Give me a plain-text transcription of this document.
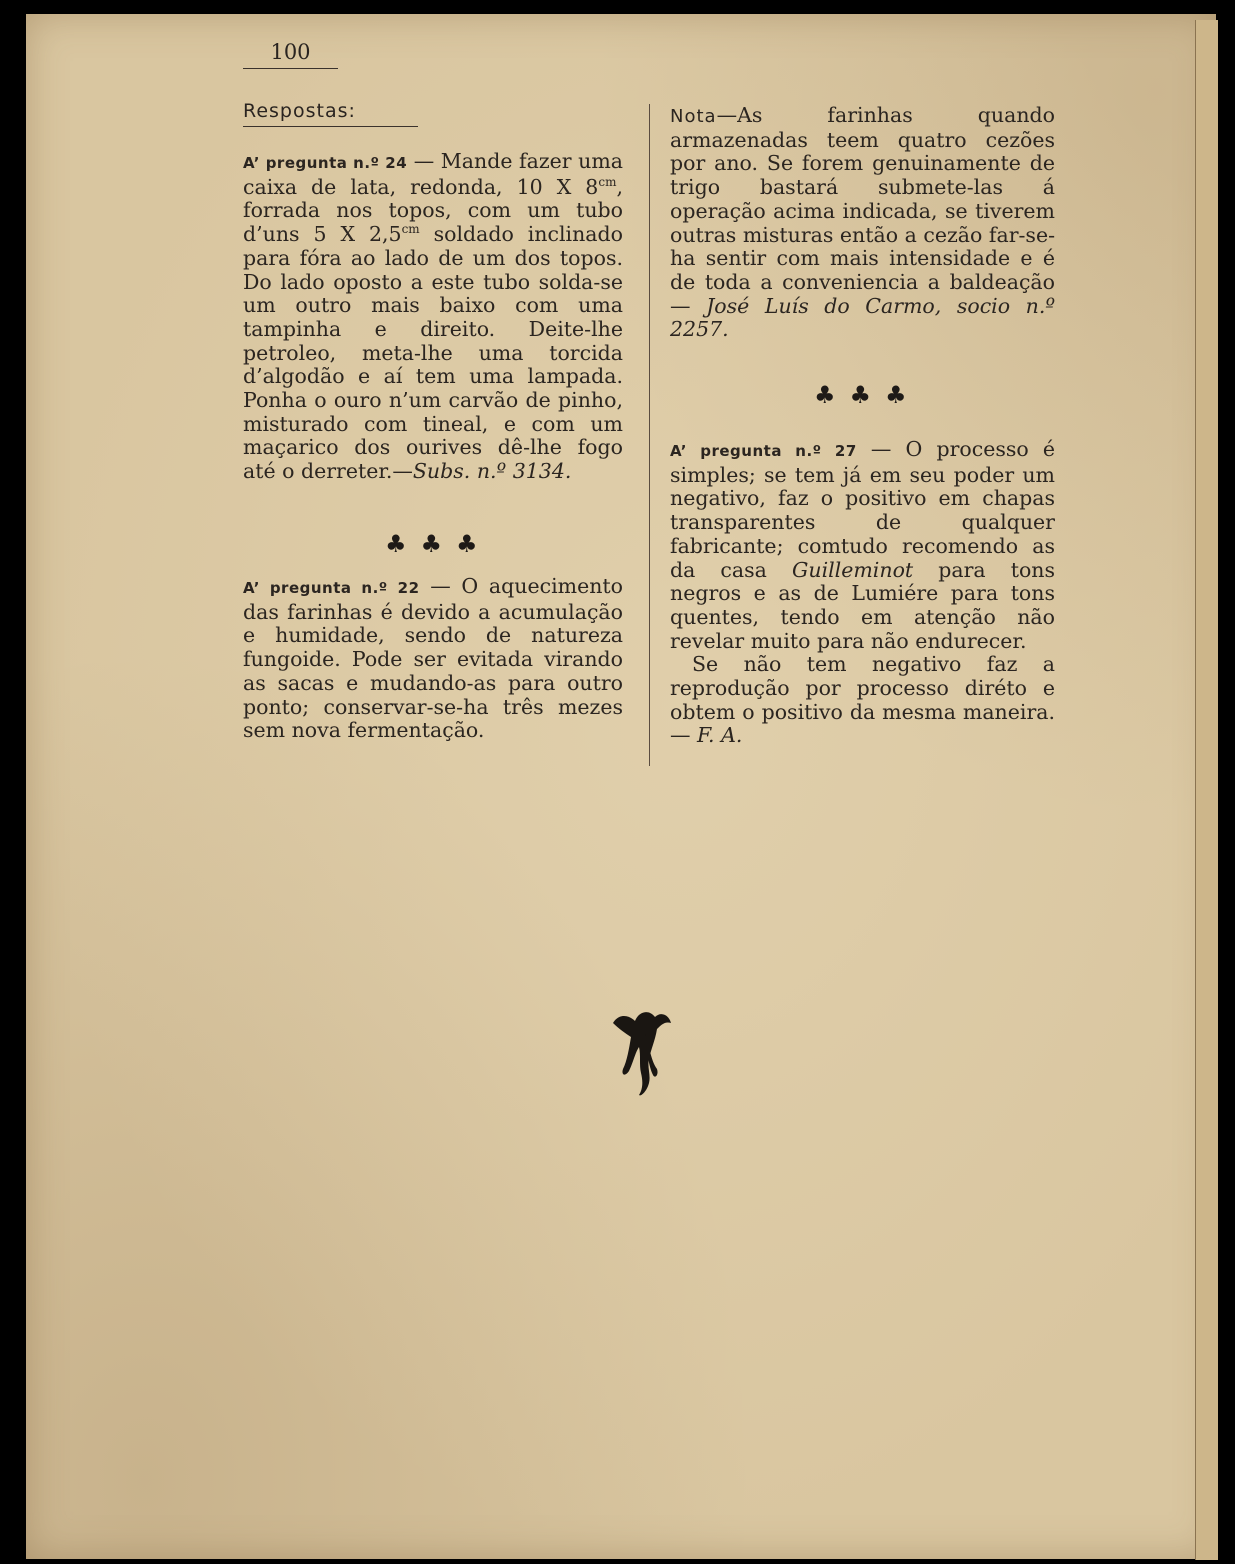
100
Respostas:

A’ pregunta n.º 24 — Mande fazer uma caixa de lata, redonda, 10 X $8^{cm}$, forrada nos topos, com um tubo d’uns 5 X $2,5^{cm}$ soldado inclinado para fóra ao lado de um dos topos. Do lado oposto a este tubo solda-se um outro mais baixo com uma tampinha e direito. Deite-lhe petroleo, meta-lhe uma torcida d’algodão e aí tem uma lampada. Ponha o ouro n’um carvão de pinho, misturado com tineal, e com um maçarico dos ourives dê-lhe fogo até o derreter.—Subs. n.º 3134.

♣♣♣

A’ pregunta n.º 22 — O aquecimento das farinhas é devido a acumulação e humidade, sendo de natureza fungoide. Pode ser evitada virando as sacas e mudando-as para outro ponto; conservar-se-ha três mezes sem nova fermentação.

Nota—As farinhas quando armazenadas teem quatro cezões por ano. Se forem genuinamente de trigo bastará submete-las á operação acima indicada, se tiverem outras misturas então a cezão far-se-ha sentir com mais intensidade e é de toda a conveniencia a baldeação — José Luís do Carmo, socio n.º 2257.

♣♣♣

A’ pregunta n.º 27 — O processo é simples; se tem já em seu poder um negativo, faz o positivo em chapas transparentes de qualquer fabricante; comtudo recomendo as da casa Guilleminot para tons negros e as de Lumiére para tons quentes, tendo em atenção não revelar muito para não endurecer.

Se não tem negativo faz a reprodução por processo diréto e obtem o positivo da mesma maneira. — F. A.
